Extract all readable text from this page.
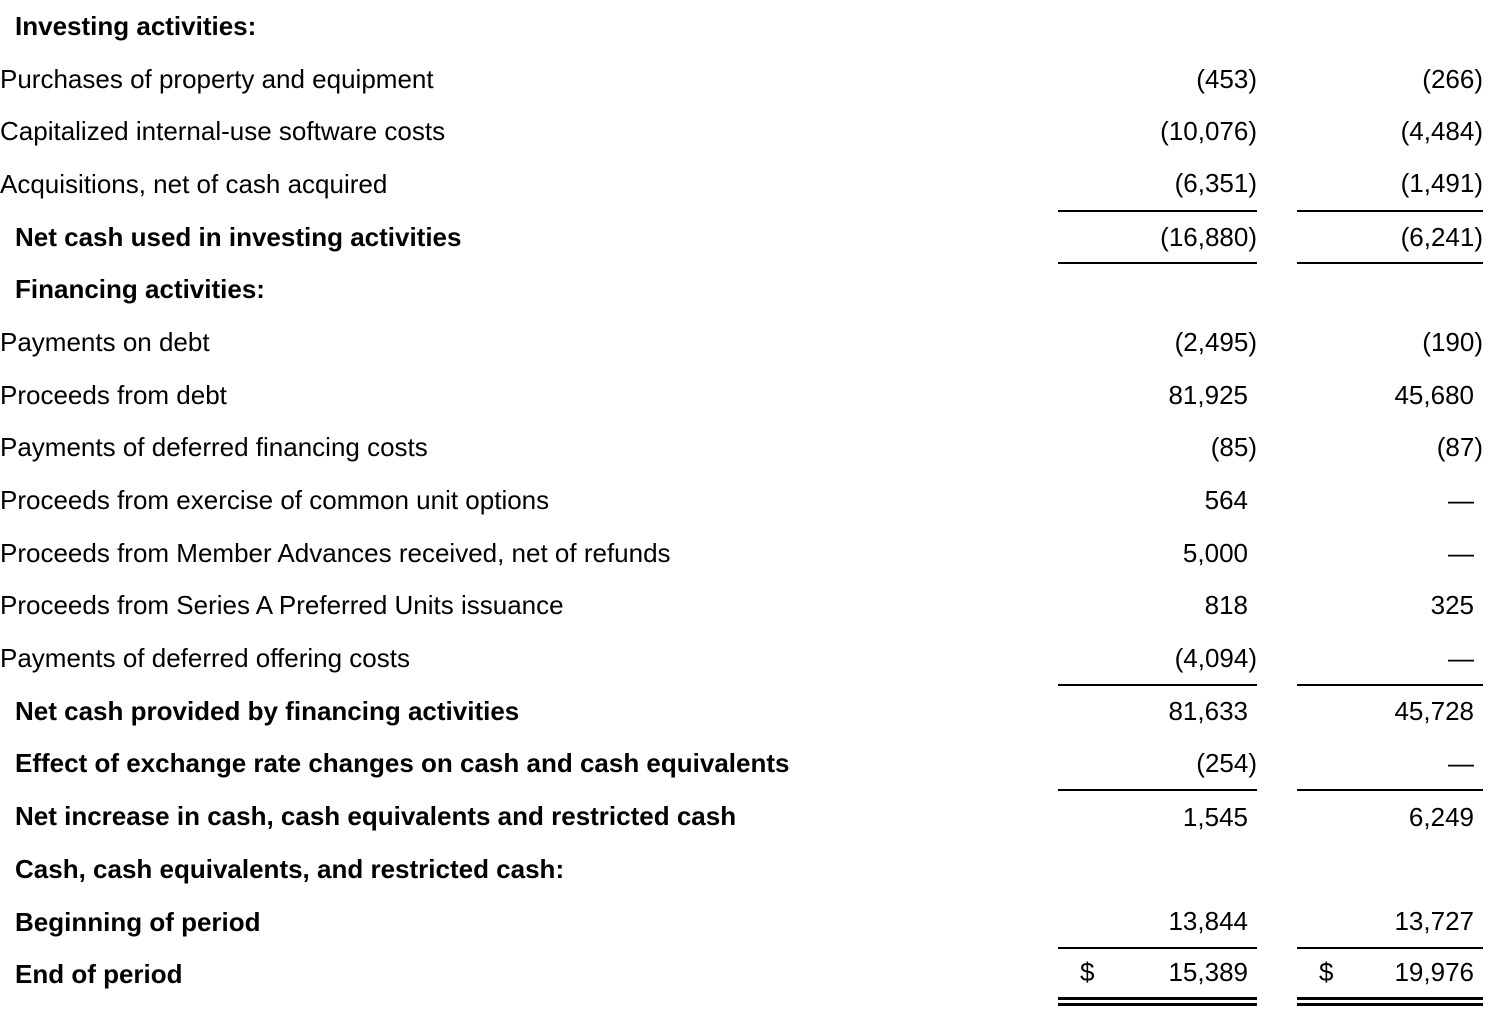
Investing activities:				
Purchases of property and equipment	(453)		(266)	
Capitalized internal-use software costs	(10,076)		(4,484)	
Acquisitions, net of cash acquired	(6,351)		(1,491)	
Net cash used in investing activities	(16,880)		(6,241)	
Financing activities:				
Payments on debt	(2,495)		(190)	
Proceeds from debt	81,925		45,680	
Payments of deferred financing costs	(85)		(87)	
Proceeds from exercise of common unit options	564		—	
Proceeds from Member Advances received, net of refunds	5,000		—	
Proceeds from Series A Preferred Units issuance	818		325	
Payments of deferred offering costs	(4,094)		—	
Net cash provided by financing activities	81,633		45,728	
Effect of exchange rate changes on cash and cash equivalents	(254)		—	
Net increase in cash, cash equivalents and restricted cash	1,545		6,249	
Cash, cash equivalents, and restricted cash:				
Beginning of period	13,844		13,727	
End of period	$ 15,389		$ 19,976	
